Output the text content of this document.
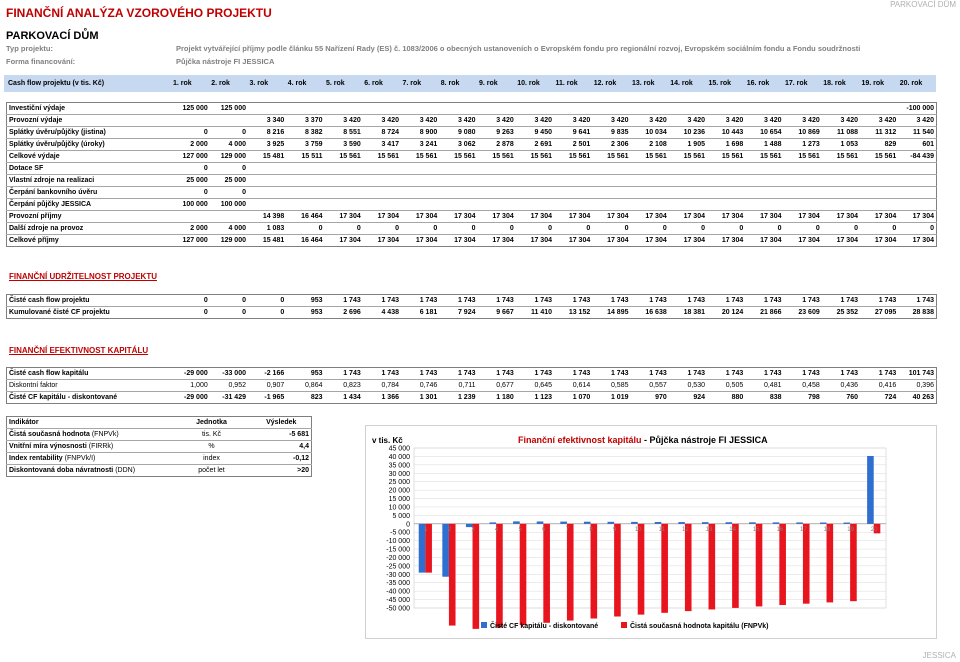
FINANČNÍ ANALÝZA VZOROVÉHO PROJEKTU
PARKOVACÍ DŮM
PARKOVACÍ DŮM
Typ projektu:	Projekt vytvářející příjmy podle článku 55 Nařízení Rady (ES) č. 1083/2006 o obecných ustanoveních o Evropském fondu pro regionální rozvoj, Evropském sociálním fondu a Fondu soudržnosti
Forma financování:	Půjčka nástroje FI JESSICA
Cash flow projektu (v tis. Kč)	1. rok	2. rok	3. rok	4. rok	5. rok	6. rok	7. rok	8. rok	9. rok	10. rok	11. rok	12. rok	13. rok	14. rok	15. rok	16. rok	17. rok	18. rok	19. rok	20. rok
Investiční výdaje	125 000	125 000																		-100 000
Provozní výdaje			3 340	3 370	3 420	3 420	3 420	3 420	3 420	3 420	3 420	3 420	3 420	3 420	3 420	3 420	3 420	3 420	3 420	3 420
Splátky úvěru/půjčky (jistina)	0	0	8 216	8 382	8 551	8 724	8 900	9 080	9 263	9 450	9 641	9 835	10 034	10 236	10 443	10 654	10 869	11 088	11 312	11 540
Splátky úvěru/půjčky (úroky)	2 000	4 000	3 925	3 759	3 590	3 417	3 241	3 062	2 878	2 691	2 501	2 306	2 108	1 905	1 698	1 488	1 273	1 053	829	601
Celkové výdaje	127 000	129 000	15 481	15 511	15 561	15 561	15 561	15 561	15 561	15 561	15 561	15 561	15 561	15 561	15 561	15 561	15 561	15 561	15 561	-84 439
Dotace SF	0	0																		
Vlastní zdroje na realizaci	25 000	25 000																		
Čerpání bankovního úvěru	0	0																		
Čerpání půjčky JESSICA	100 000	100 000																		
Provozní příjmy			14 398	16 464	17 304	17 304	17 304	17 304	17 304	17 304	17 304	17 304	17 304	17 304	17 304	17 304	17 304	17 304	17 304	17 304
Další zdroje na provoz	2 000	4 000	1 083	0	0	0	0	0	0	0	0	0	0	0	0	0	0	0	0	0
Celkové příjmy	127 000	129 000	15 481	16 464	17 304	17 304	17 304	17 304	17 304	17 304	17 304	17 304	17 304	17 304	17 304	17 304	17 304	17 304	17 304	17 304
FINANČNÍ UDRŽITELNOST PROJEKTU
Čisté cash flow projektu	0	0	0	953	1 743	1 743	1 743	1 743	1 743	1 743	1 743	1 743	1 743	1 743	1 743	1 743	1 743	1 743	1 743	1 743
Kumulované čisté CF projektu	0	0	0	953	2 696	4 438	6 181	7 924	9 667	11 410	13 152	14 895	16 638	18 381	20 124	21 866	23 609	25 352	27 095	28 838
FINANČNÍ EFEKTIVNOST KAPITÁLU
Čisté cash flow kapitálu	-29 000	-33 000	-2 166	953	1 743	1 743	1 743	1 743	1 743	1 743	1 743	1 743	1 743	1 743	1 743	1 743	1 743	1 743	1 743	101 743
Diskontní faktor	1,000	0,952	0,907	0,864	0,823	0,784	0,746	0,711	0,677	0,645	0,614	0,585	0,557	0,530	0,505	0,481	0,458	0,436	0,416	0,396
Čisté CF kapitálu - diskontované	-29 000	-31 429	-1 965	823	1 434	1 366	1 301	1 239	1 180	1 123	1 070	1 019	970	924	880	838	798	760	724	40 263
Indikátor	Jednotka	Výsledek
Čistá současná hodnota (FNPVk)	tis. Kč	-5 681
Vnitřní míra výnosnosti (FIRRk)	%	4,4
Index rentability (FNPVk/I)	index	-0,12
Diskontovaná doba návratnosti (DDN)	počet let	>20
45 000
40 000
35 000
30 000
25 000
20 000
15 000
10 000
5 000
0
-5 000
-10 000
-15 000
-20 000
-25 000
-30 000
-35 000
-40 000
-45 000
-50 000
v tis. Kč	Finanční efektivnost kapitálu - Půjčka nástroje FI JESSICA
1	2	3	4	5	6	7	8	9	10	11	12	13	14	15	16	17	18	19	20
Čisté CF kapitálu - diskontované	Čistá současná hodnota kapitálu (FNPVk)
JESSICA
